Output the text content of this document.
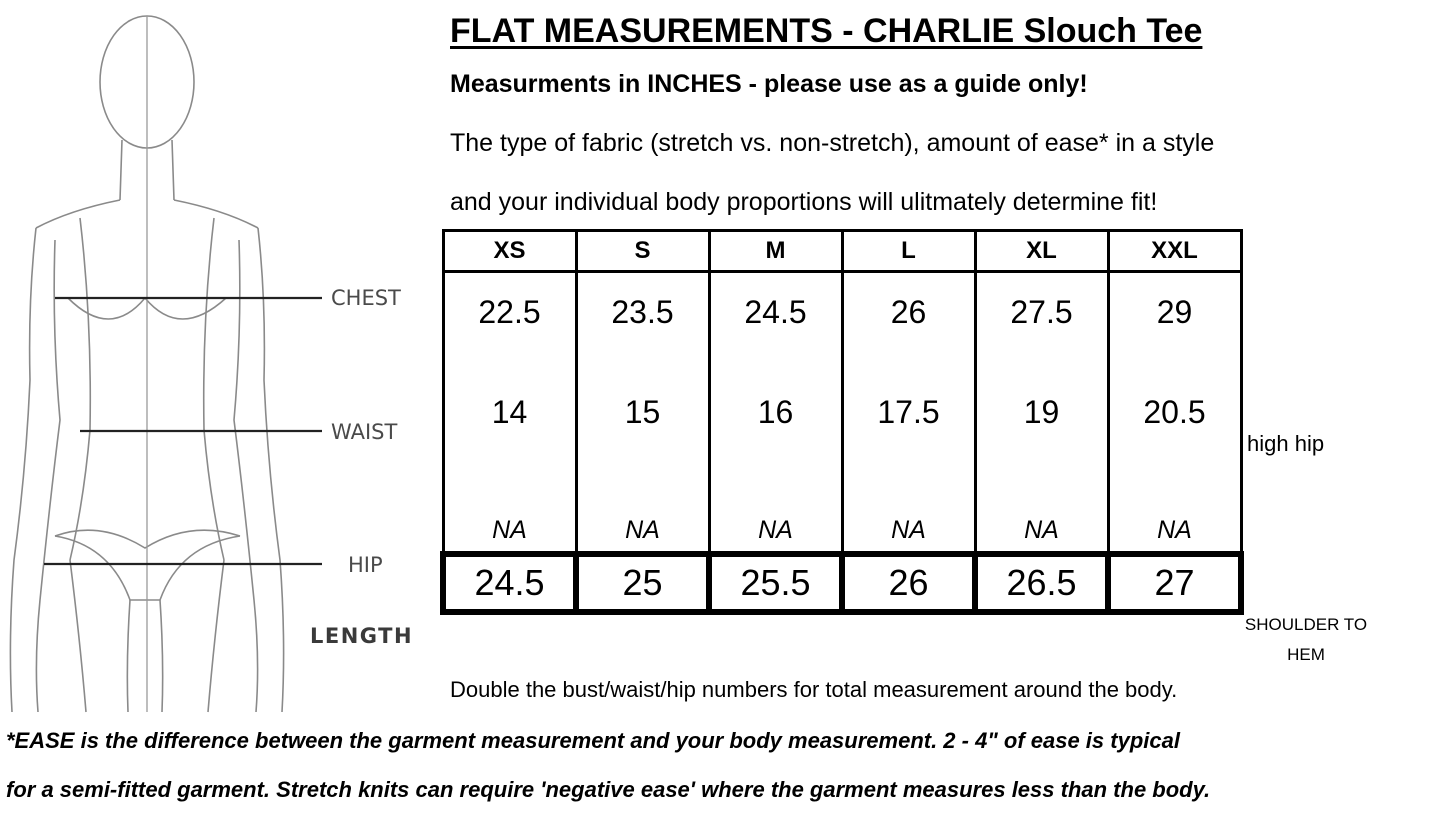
CHEST
WAIST
HIP
LENGTH
FLAT MEASUREMENTS - CHARLIE Slouch Tee
Measurments in INCHES - please use as a guide only!
The type of fabric (stretch vs. non-stretch), amount of ease* in a style
and your individual body proportions will ulitmately determine fit!
XS	S	M	L	XL	XXL
22.5	23.5	24.5	26	27.5	29
14	15	16	17.5	19	20.5
NA	NA	NA	NA	NA	NA
24.5	25	25.5	26	26.5	27
high hip
SHOULDER TO HEM
Double the bust/waist/hip numbers for total measurement around the body.
*EASE is the difference between the garment measurement and your body measurement. 2 - 4" of ease is typical
for a semi-fitted garment. Stretch knits can require 'negative ease' where the garment measures less than the body.
